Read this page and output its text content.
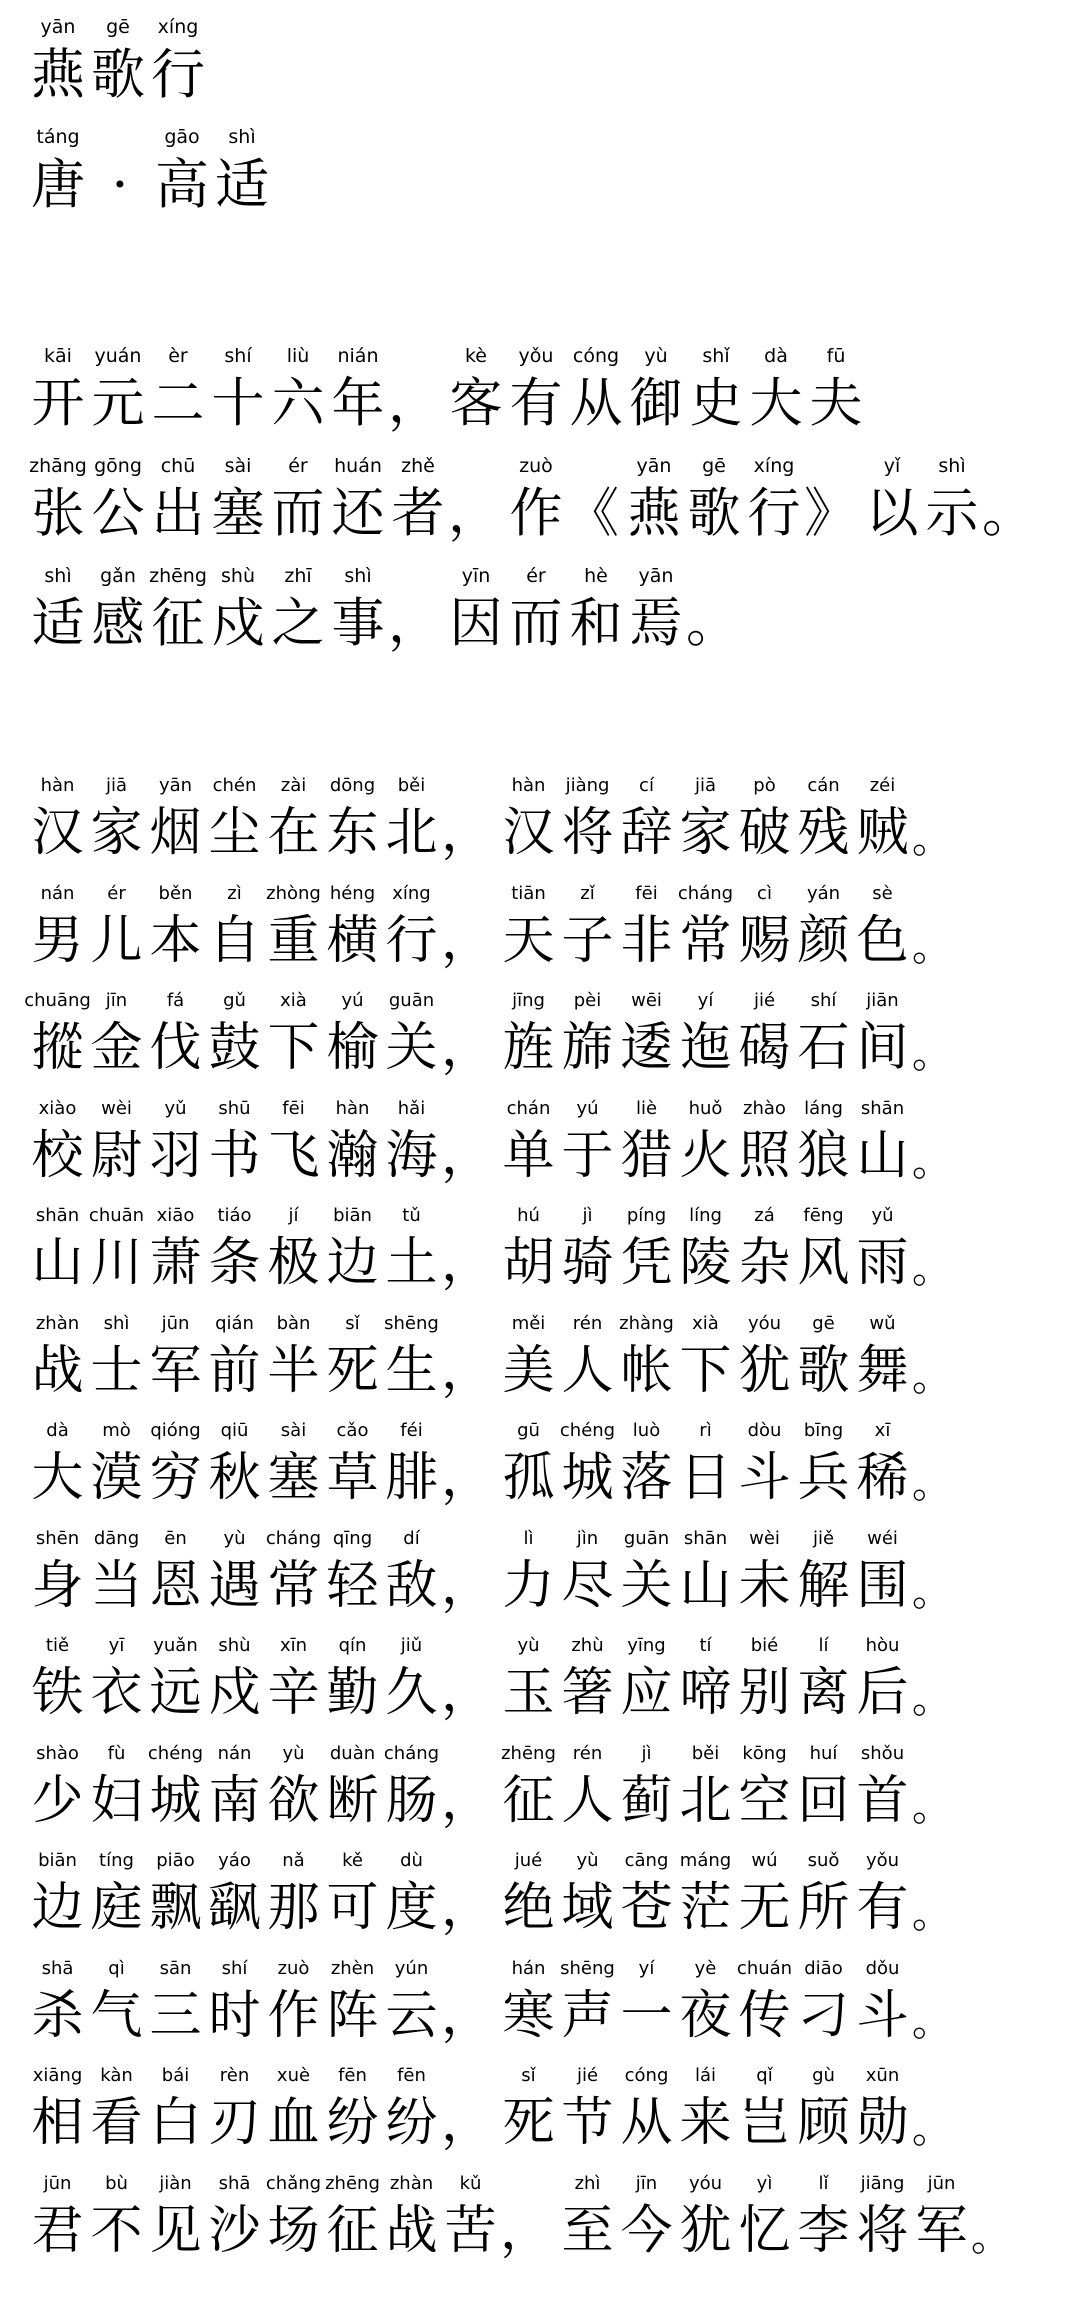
yān
燕
gē
歌
xíng
行
táng
唐 ·
gāo
高
shì
适
kāi
开
yuán
元
èr
二
shí
十
liù
六
nián
年 ，
kè
客
yǒu
有
cóng
从
yù
御
shǐ
史
dà
大
fū
夫
zhāng
张
gōng
公
chū
出
sài
塞
ér
而
huán
还
zhě
者 ，
zuò
作 《
yān
燕
gē
歌
xíng
行 》
yǐ
以
shì
示 。
shì
适
gǎn
感
zhēng
征
shù
戍
zhī
之
shì
事 ，
yīn
因
ér
而
hè
和
yān
焉 。
hàn
汉
jiā
家
yān
烟
chén
尘
zài
在
dōng
东
běi
北 ，
hàn
汉
jiàng
将
cí
辞
jiā
家
pò
破
cán
残
zéi
贼 。
nán
男
ér
儿
běn
本
zì
自
zhòng
重
héng
横
xíng
行 ，
tiān
天
zǐ
子
fēi
非
cháng
常
cì
赐
yán
颜
sè
色 。
chuāng
摐
jīn
金
fá
伐
gǔ
鼓
xià
下
yú
榆
guān
关 ，
jīng
旌
pèi
旆
wēi
逶
yí
迤
jié
碣
shí
石
jiān
间 。
xiào
校
wèi
尉
yǔ
羽
shū
书
fēi
飞
hàn
瀚
hǎi
海 ，
chán
单
yú
于
liè
猎
huǒ
火
zhào
照
láng
狼
shān
山 。
shān
山
chuān
川
xiāo
萧
tiáo
条
jí
极
biān
边
tǔ
土 ，
hú
胡
jì
骑
píng
凭
líng
陵
zá
杂
fēng
风
yǔ
雨 。
zhàn
战
shì
士
jūn
军
qián
前
bàn
半
sǐ
死
shēng
生 ，
měi
美
rén
人
zhàng
帐
xià
下
yóu
犹
gē
歌
wǔ
舞 。
dà
大
mò
漠
qióng
穷
qiū
秋
sài
塞
cǎo
草
féi
腓 ，
gū
孤
chéng
城
luò
落
rì
日
dòu
斗
bīng
兵
xī
稀 。
shēn
身
dāng
当
ēn
恩
yù
遇
cháng
常
qīng
轻
dí
敌 ，
lì
力
jìn
尽
guān
关
shān
山
wèi
未
jiě
解
wéi
围 。
tiě
铁
yī
衣
yuǎn
远
shù
戍
xīn
辛
qín
勤
jiǔ
久 ，
yù
玉
zhù
箸
yīng
应
tí
啼
bié
别
lí
离
hòu
后 。
shào
少
fù
妇
chéng
城
nán
南
yù
欲
duàn
断
cháng
肠 ，
zhēng
征
rén
人
jì
蓟
běi
北
kōng
空
huí
回
shǒu
首 。
biān
边
tíng
庭
piāo
飘
yáo
飖
nǎ
那
kě
可
dù
度 ，
jué
绝
yù
域
cāng
苍
máng
茫
wú
无
suǒ
所
yǒu
有 。
shā
杀
qì
气
sān
三
shí
时
zuò
作
zhèn
阵
yún
云 ，
hán
寒
shēng
声
yí
一
yè
夜
chuán
传
diāo
刁
dǒu
斗 。
xiāng
相
kàn
看
bái
白
rèn
刃
xuè
血
fēn
纷
fēn
纷 ，
sǐ
死
jié
节
cóng
从
lái
来
qǐ
岂
gù
顾
xūn
勋 。
jūn
君
bù
不
jiàn
见
shā
沙
chǎng
场
zhēng
征
zhàn
战
kǔ
苦 ，
zhì
至
jīn
今
yóu
犹
yì
忆
lǐ
李
jiāng
将
jūn
军 。
